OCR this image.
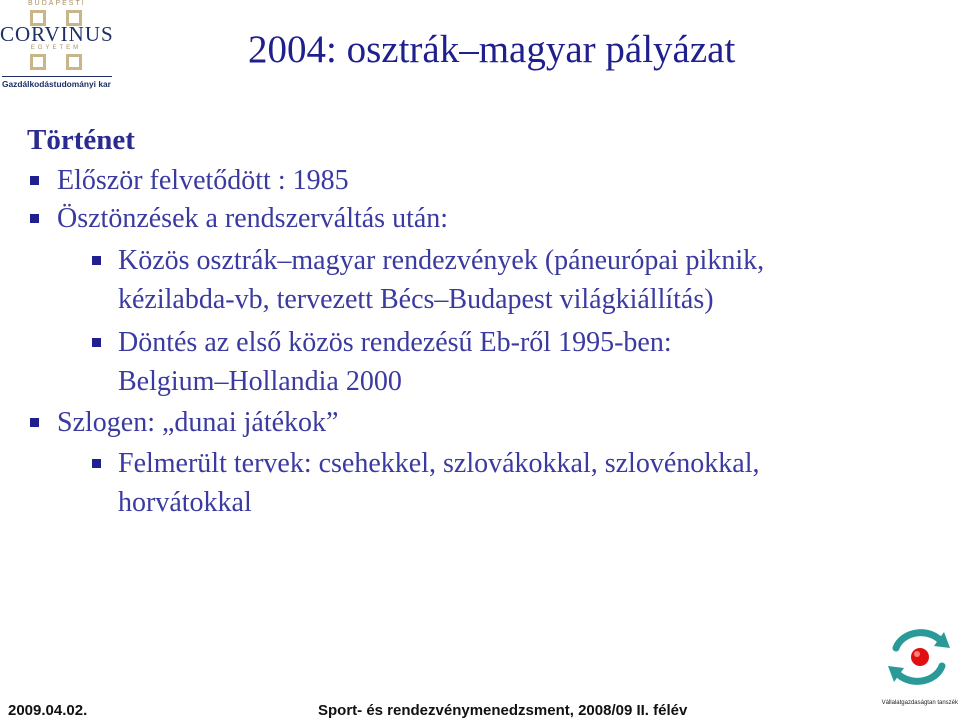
BUDAPESTI
CORVINUS
EGYETEM
Gazdálkodástudományi kar
2004: osztrák–magyar pályázat
Történet
Először felvetődött : 1985
Ösztönzések a rendszerváltás után:
Közös osztrák–magyar rendezvények (páneurópai piknik,
kézilabda-vb, tervezett Bécs–Budapest világkiállítás)
Döntés az első közös rendezésű Eb-ről 1995-ben:
Belgium–Hollandia 2000
Szlogen: „dunai játékok”
Felmerült tervek: csehekkel, szlovákokkal, szlovénokkal,
horvátokkal
Vállalatgazdaságtan tanszék
2009.04.02.	Sport- és rendezvénymenedzsment, 2008/09 II. félév
